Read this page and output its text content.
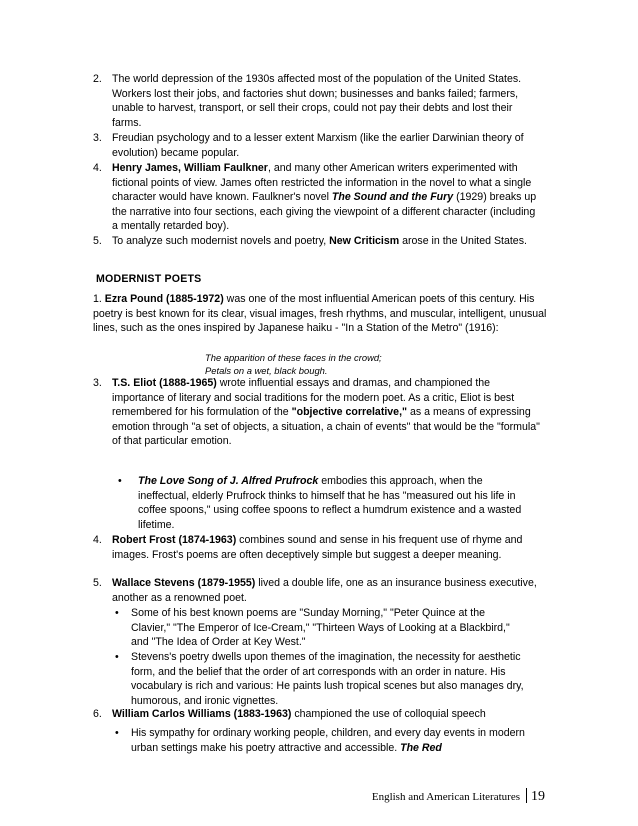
2. The world depression of the 1930s affected most of the population of the United States. Workers lost their jobs, and factories shut down; businesses and banks failed; farmers, unable to harvest, transport, or sell their crops, could not pay their debts and lost their farms.
3. Freudian psychology and to a lesser extent Marxism (like the earlier Darwinian theory of evolution) became popular.
4. Henry James, William Faulkner, and many other American writers experimented with fictional points of view. James often restricted the information in the novel to what a single character would have known. Faulkner's novel The Sound and the Fury (1929) breaks up the narrative into four sections, each giving the viewpoint of a different character (including a mentally retarded boy).
5. To analyze such modernist novels and poetry, New Criticism arose in the United States.
MODERNIST POETS
1. Ezra Pound (1885-1972) was one of the most influential American poets of this century. His poetry is best known for its clear, visual images, fresh rhythms, and muscular, intelligent, unusual lines, such as the ones inspired by Japanese haiku - "In a Station of the Metro" (1916):
The apparition of these faces in the crowd;
Petals on a wet, black bough.
3. T.S. Eliot (1888-1965) wrote influential essays and dramas, and championed the importance of literary and social traditions for the modern poet. As a critic, Eliot is best remembered for his formulation of the "objective correlative," as a means of expressing emotion through "a set of objects, a situation, a chain of events" that would be the "formula" of that particular emotion.
• The Love Song of J. Alfred Prufrock embodies this approach, when the ineffectual, elderly Prufrock thinks to himself that he has "measured out his life in coffee spoons," using coffee spoons to reflect a humdrum existence and a wasted lifetime.
4. Robert Frost (1874-1963) combines sound and sense in his frequent use of rhyme and images. Frost's poems are often deceptively simple but suggest a deeper meaning.
5. Wallace Stevens (1879-1955) lived a double life, one as an insurance business executive, another as a renowned poet.
• Some of his best known poems are "Sunday Morning," "Peter Quince at the Clavier," "The Emperor of Ice-Cream," "Thirteen Ways of Looking at a Blackbird," and "The Idea of Order at Key West."
• Stevens's poetry dwells upon themes of the imagination, the necessity for aesthetic form, and the belief that the order of art corresponds with an order in nature. His vocabulary is rich and various: He paints lush tropical scenes but also manages dry, humorous, and ironic vignettes.
6. William Carlos Williams (1883-1963) championed the use of colloquial speech
• His sympathy for ordinary working people, children, and every day events in modern urban settings make his poetry attractive and accessible. The Red
English and American Literatures 19
